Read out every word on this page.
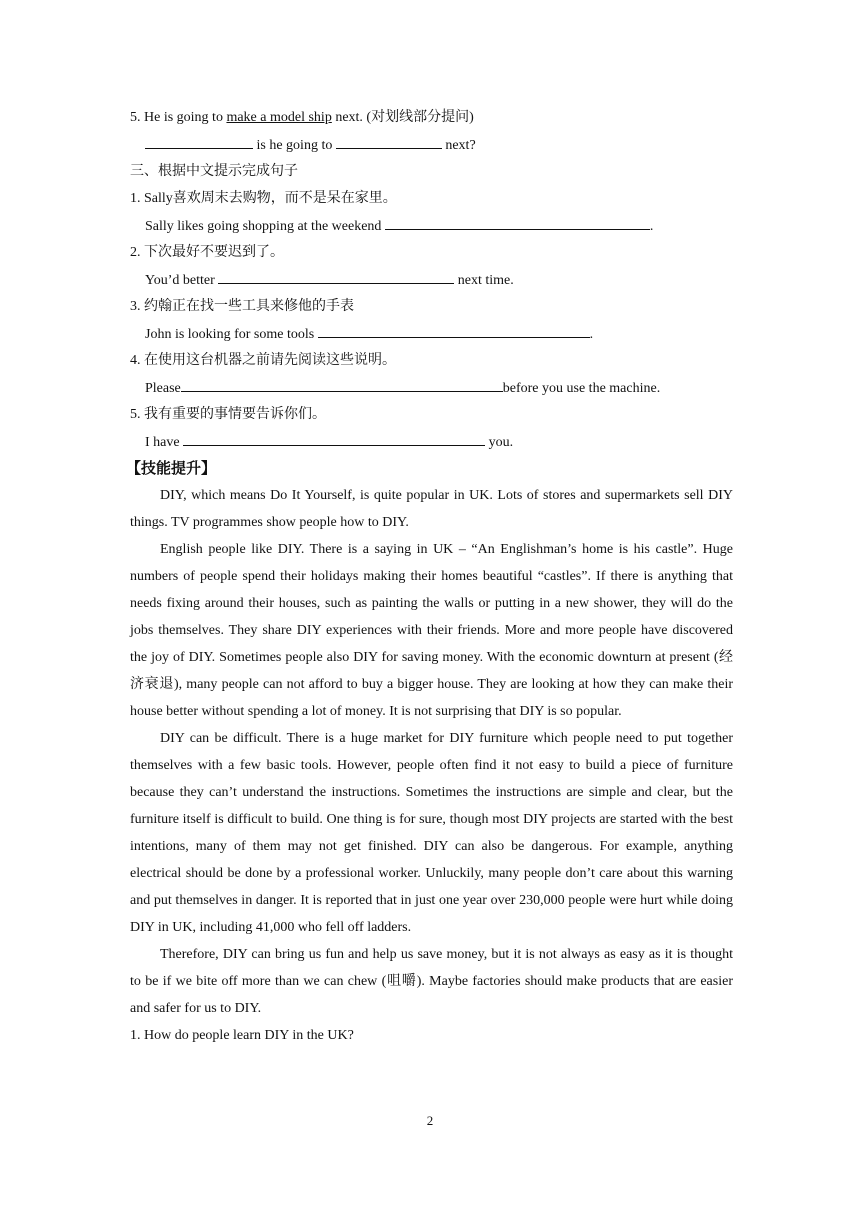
5. He is going to make a model ship next. (对划线部分提问)
is he going to	next?
三、根据中文提示完成句子
1. Sally喜欢周末去购物，而不是呆在家里。
Sally likes going shopping at the weekend	.
2. 下次最好不要迟到了。
You’d better	next time.
3. 约翰正在找一些工具来修他的手表
John is looking for some tools	.
4. 在使用这台机器之前请先阅读这些说明。
Please	before you use the machine.
5. 我有重要的事情要告诉你们。
I have	you.
【技能提升】

DIY, which means Do It Yourself, is quite popular in UK. Lots of stores and supermarkets sell DIY things. TV programmes show people how to DIY.

English people like DIY. There is a saying in UK – “An Englishman’s home is his castle”. Huge numbers of people spend their holidays making their homes beautiful “castles”. If there is anything that needs fixing around their houses, such as painting the walls or putting in a new shower, they will do the jobs themselves. They share DIY experiences with their friends. More and more people have discovered the joy of DIY. Sometimes people also DIY for saving money. With the economic downturn at present (经济衰退), many people can not afford to buy a bigger house. They are looking at how they can make their house better without spending a lot of money. It is not surprising that DIY is so popular.

DIY can be difficult. There is a huge market for DIY furniture which people need to put together themselves with a few basic tools. However, people often find it not easy to build a piece of furniture because they can’t understand the instructions. Sometimes the instructions are simple and clear, but the furniture itself is difficult to build. One thing is for sure, though most DIY projects are started with the best intentions, many of them may not get finished. DIY can also be dangerous. For example, anything electrical should be done by a professional worker. Unluckily, many people don’t care about this warning and put themselves in danger. It is reported that in just one year over 230,000 people were hurt while doing DIY in UK, including 41,000 who fell off ladders.

Therefore, DIY can bring us fun and help us save money, but it is not always as easy as it is thought to be if we bite off more than we can chew (咀嚼). Maybe factories should make products that are easier and safer for us to DIY.

1. How do people learn DIY in the UK?
2
